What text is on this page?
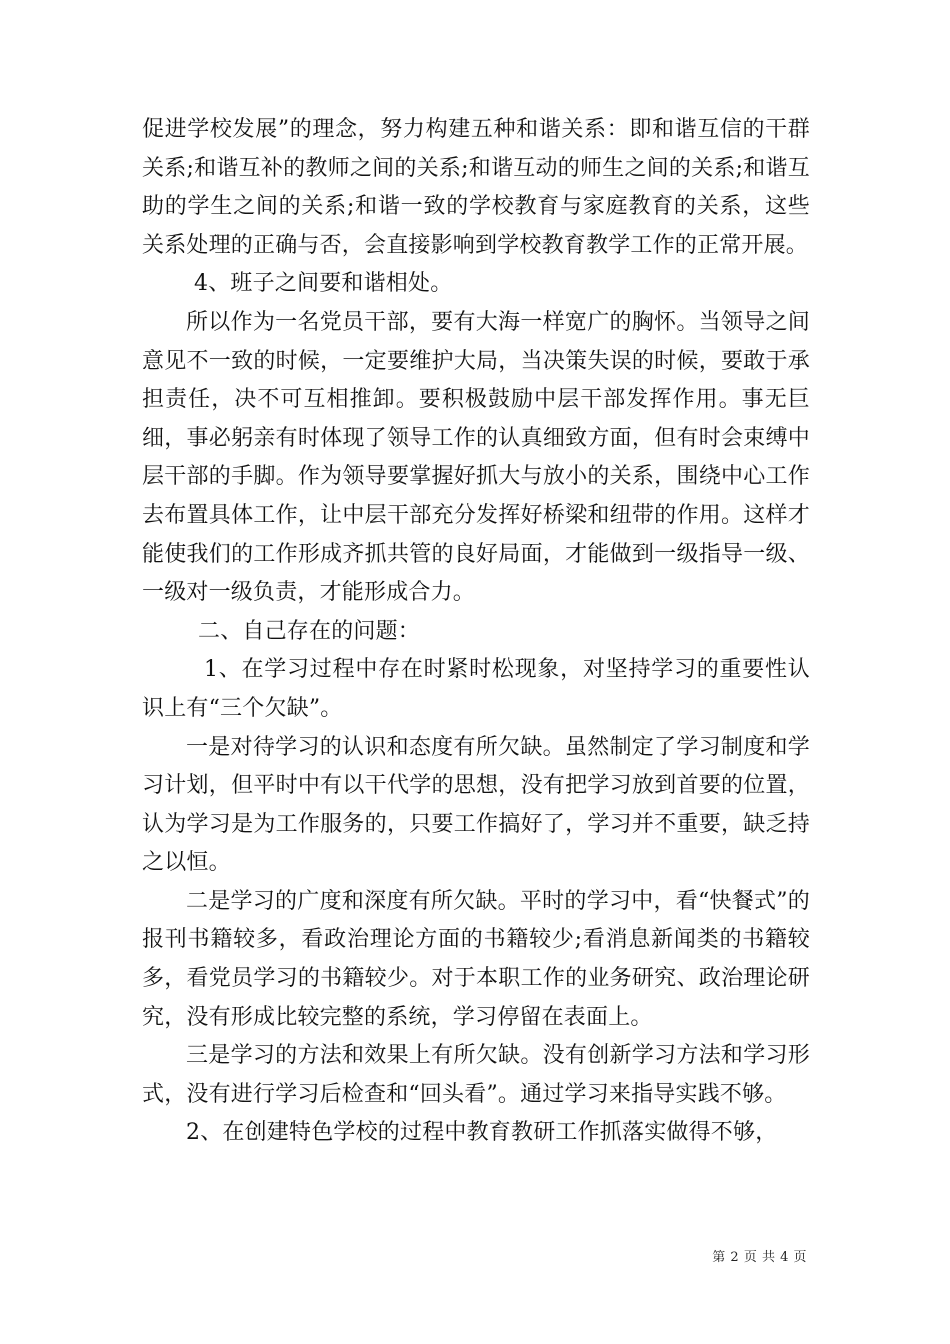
促进学校发展”的理念，努力构建五种和谐关系：即和谐互信的干群关系;和谐互补的教师之间的关系;和谐互动的师生之间的关系;和谐互助的学生之间的关系;和谐一致的学校教育与家庭教育的关系，这些关系处理的正确与否，会直接影响到学校教育教学工作的正常开展。

4、班子之间要和谐相处。

所以作为一名党员干部，要有大海一样宽广的胸怀。当领导之间意见不一致的时候，一定要维护大局，当决策失误的时候，要敢于承担责任，决不可互相推卸。要积极鼓励中层干部发挥作用。事无巨细，事必躬亲有时体现了领导工作的认真细致方面，但有时会束缚中层干部的手脚。作为领导要掌握好抓大与放小的关系，围绕中心工作去布置具体工作，让中层干部充分发挥好桥梁和纽带的作用。这样才能使我们的工作形成齐抓共管的良好局面，才能做到一级指导一级、一级对一级负责，才能形成合力。

二、自己存在的问题：

1、在学习过程中存在时紧时松现象，对坚持学习的重要性认识上有“三个欠缺”。

一是对待学习的认识和态度有所欠缺。虽然制定了学习制度和学习计划，但平时中有以干代学的思想，没有把学习放到首要的位置，认为学习是为工作服务的，只要工作搞好了，学习并不重要，缺乏持之以恒。

二是学习的广度和深度有所欠缺。平时的学习中，看“快餐式”的报刊书籍较多，看政治理论方面的书籍较少;看消息新闻类的书籍较多，看党员学习的书籍较少。对于本职工作的业务研究、政治理论研究，没有形成比较完整的系统，学习停留在表面上。

三是学习的方法和效果上有所欠缺。没有创新学习方法和学习形式，没有进行学习后检查和“回头看”。通过学习来指导实践不够。

2、在创建特色学校的过程中教育教研工作抓落实做得不够，

第 2 页 共 4 页
